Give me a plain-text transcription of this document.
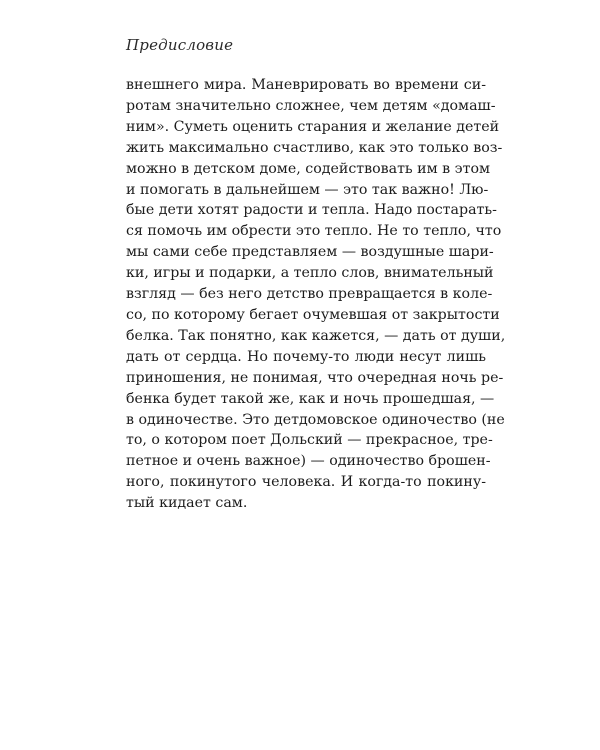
Предисловие
внешнего мира. Маневрировать во времени си-
ротам значительно сложнее, чем детям «домаш-
ним». Суметь оценить старания и желание детей
жить максимально счастливо, как это только воз-
можно в детском доме, содействовать им в этом
и помогать в дальнейшем — это так важно! Лю-
бые дети хотят радости и тепла. Надо постарать-
ся помочь им обрести это тепло. Не то тепло, что
мы сами себе представляем — воздушные шари-
ки, игры и подарки, а тепло слов, внимательный
взгляд — без него детство превращается в коле-
со, по которому бегает очумевшая от закрытости
белка. Так понятно, как кажется, — дать от души,
дать от сердца. Но почему-то люди несут лишь
приношения, не понимая, что очередная ночь ре-
бенка будет такой же, как и ночь прошедшая, —
в одиночестве. Это детдомовское одиночество (не
то, о котором поет Дольский — прекрасное, тре-
петное и очень важное) — одиночество брошен-
ного, покинутого человека. И когда-то покину-
тый кидает сам.
